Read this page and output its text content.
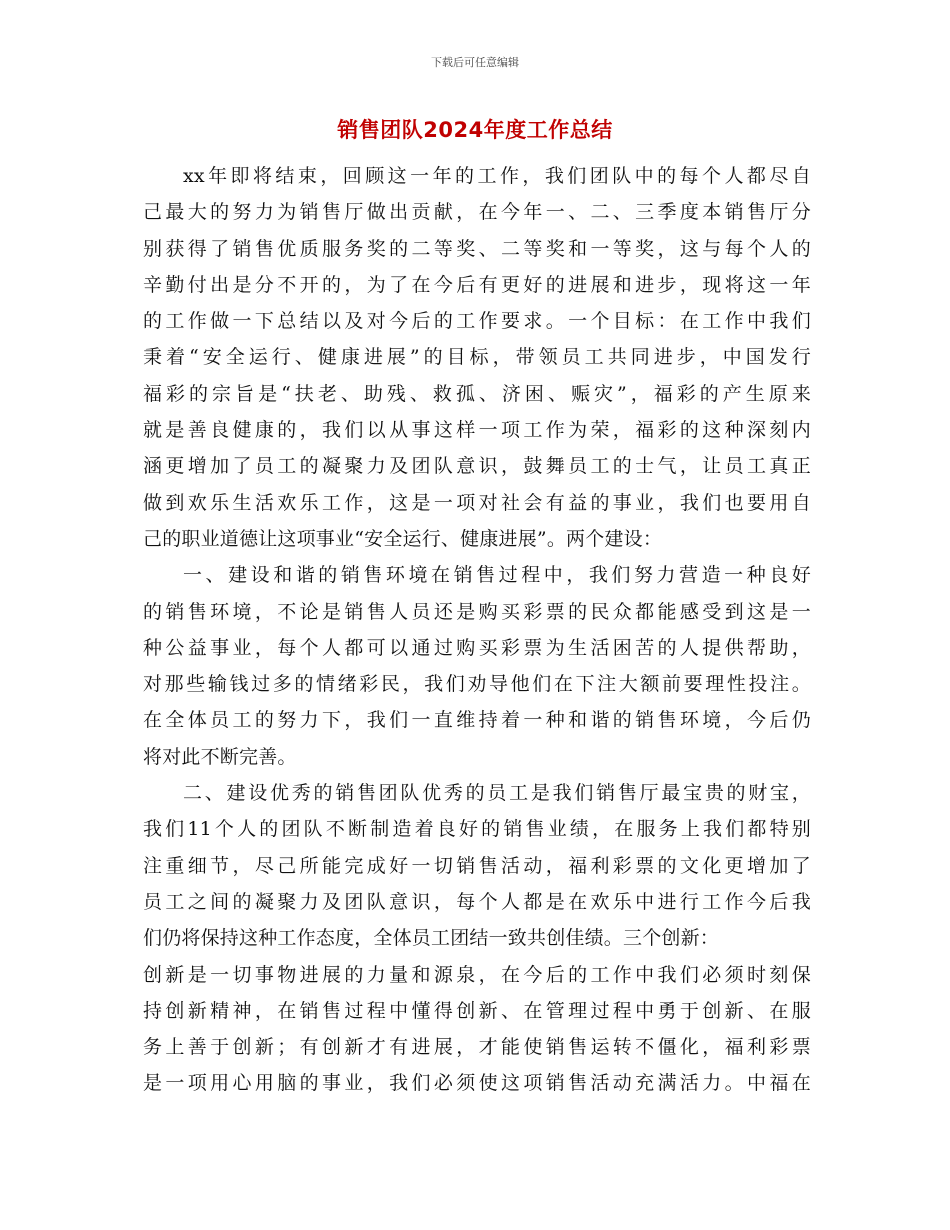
下载后可任意编辑
销售团队2024年度工作总结
xx年即将结束，回顾这一年的工作，我们团队中的每个人都尽自
己最大的努力为销售厅做出贡献，在今年一、二、三季度本销售厅分
别获得了销售优质服务奖的二等奖、二等奖和一等奖，这与每个人的
辛勤付出是分不开的，为了在今后有更好的进展和进步，现将这一年
的工作做一下总结以及对今后的工作要求。一个目标：在工作中我们
秉着“安全运行、健康进展”的目标，带领员工共同进步，中国发行
福彩的宗旨是“扶老、助残、救孤、济困、赈灾”，福彩的产生原来
就是善良健康的，我们以从事这样一项工作为荣，福彩的这种深刻内
涵更增加了员工的凝聚力及团队意识，鼓舞员工的士气，让员工真正
做到欢乐生活欢乐工作，这是一项对社会有益的事业，我们也要用自
己的职业道德让这项事业“安全运行、健康进展”。两个建设：
一、建设和谐的销售环境在销售过程中，我们努力营造一种良好
的销售环境，不论是销售人员还是购买彩票的民众都能感受到这是一
种公益事业，每个人都可以通过购买彩票为生活困苦的人提供帮助，
对那些输钱过多的情绪彩民，我们劝导他们在下注大额前要理性投注。
在全体员工的努力下，我们一直维持着一种和谐的销售环境，今后仍
将对此不断完善。
二、建设优秀的销售团队优秀的员工是我们销售厅最宝贵的财宝，
我们11个人的团队不断制造着良好的销售业绩，在服务上我们都特别
注重细节，尽己所能完成好一切销售活动，福利彩票的文化更增加了
员工之间的凝聚力及团队意识，每个人都是在欢乐中进行工作今后我
们仍将保持这种工作态度，全体员工团结一致共创佳绩。三个创新：
创新是一切事物进展的力量和源泉，在今后的工作中我们必须时刻保
持创新精神，在销售过程中懂得创新、在管理过程中勇于创新、在服
务上善于创新；有创新才有进展，才能使销售运转不僵化，福利彩票
是一项用心用脑的事业，我们必须使这项销售活动充满活力。中福在
